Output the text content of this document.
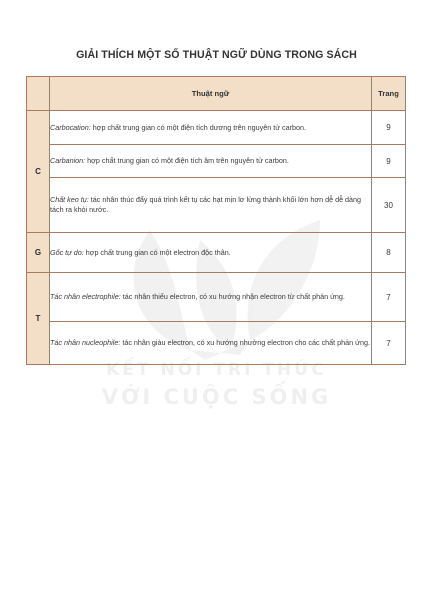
GIẢI THÍCH MỘT SỐ THUẬT NGỮ DÙNG TRONG SÁCH
KẾT NỐI TRI THỨC
VỚI CUỘC SỐNG
	Thuật ngữ	Trang
C	Carbocation: hợp chất trung gian có một điện tích dương trên nguyên tử carbon.	9
	Carbanion: hợp chất trung gian có một điện tích âm trên nguyên tử carbon.	9
	Chất keo tụ: tác nhân thúc đẩy quá trình kết tụ các hạt mịn lơ lửng thành khối lớn hơn dễ dễ dàng tách ra khỏi nước.	30
G	Gốc tự do: hợp chất trung gian có một electron độc thân.	8
T	Tác nhân electrophile: tác nhân thiếu electron, có xu hướng nhận electron từ chất phản ứng.	7
	Tác nhân nucleophile: tác nhân giàu electron, có xu hướng nhường electron cho các chất phản ứng.	7
